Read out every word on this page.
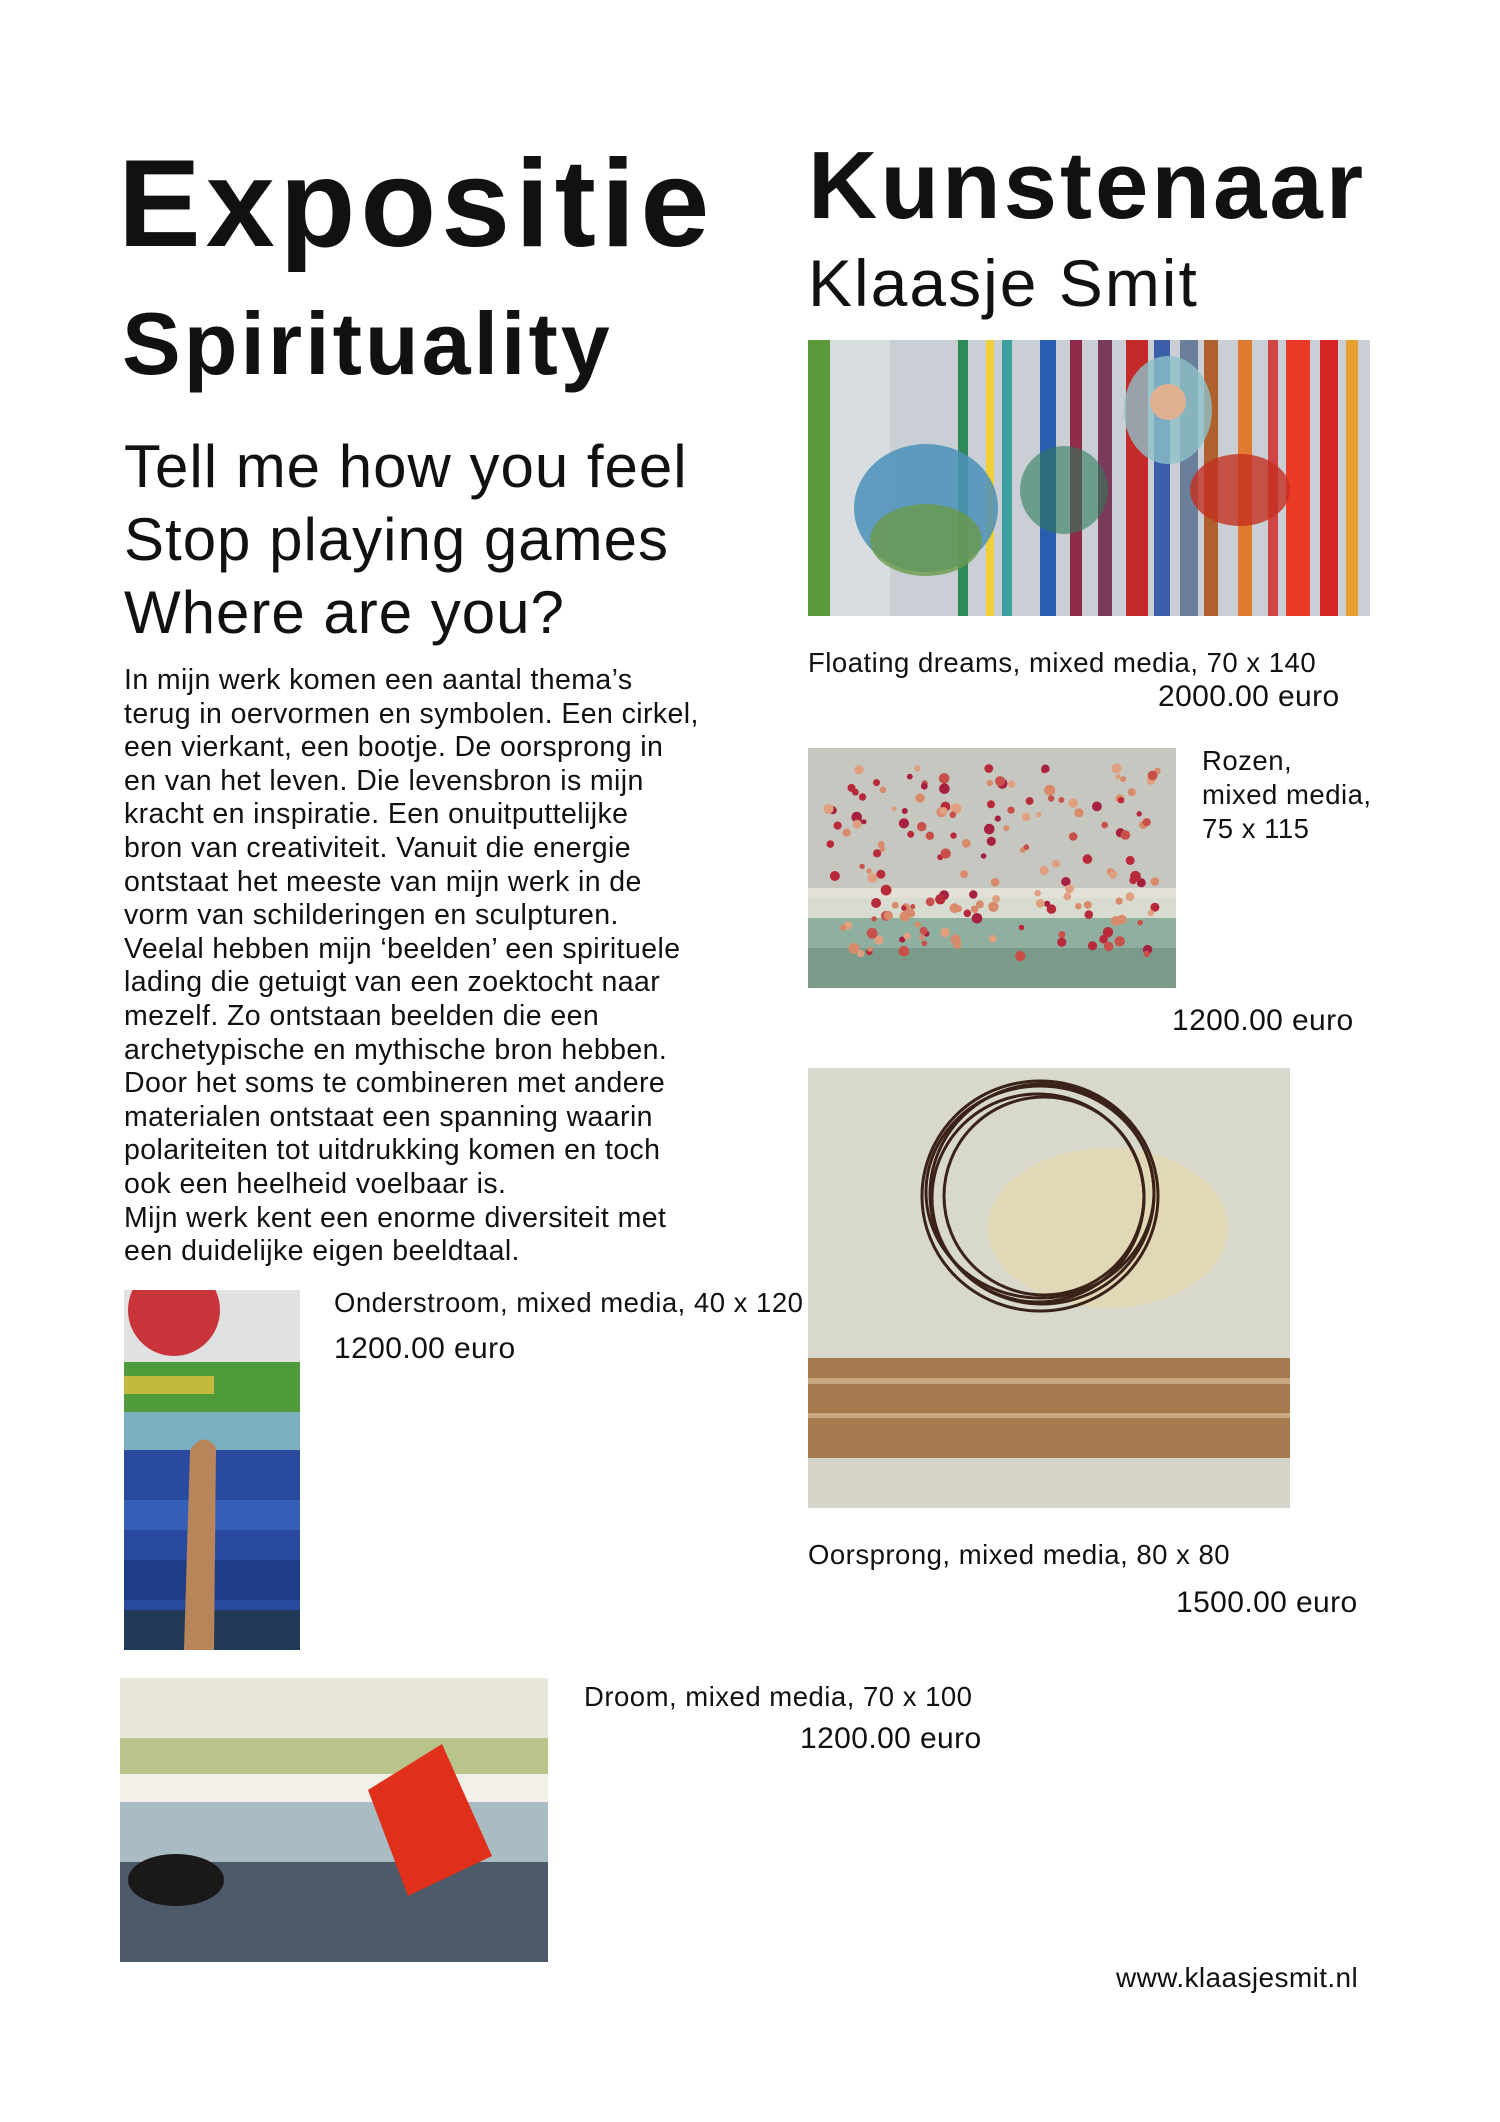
Expositie
Spirituality
Kunstenaar
Klaasje Smit
Tell me how you feel
Stop playing games
Where are you?
In mijn werk komen een aantal thema’s
terug in oervormen en symbolen. Een cirkel,
een vierkant, een bootje. De oorsprong in
en van het leven. Die levensbron is mijn
kracht en inspiratie. Een onuitputtelijke
bron van creativiteit. Vanuit die energie
ontstaat het meeste van mijn werk in de
vorm van schilderingen en sculpturen.
Veelal hebben mijn ‘beelden’ een spirituele
lading die getuigt van een zoektocht naar
mezelf. Zo ontstaan beelden die een
archetypische en mythische bron hebben.
Door het soms te combineren met andere
materialen ontstaat een spanning waarin
polariteiten tot uitdrukking komen en toch
ook een heelheid voelbaar is.
Mijn werk kent een enorme diversiteit met
een duidelijke eigen beeldtaal.
Floating dreams, mixed media, 70 x 140
2000.00 euro
Rozen,
mixed media,
75 x 115
1200.00 euro
Oorsprong, mixed media, 80 x 80
1500.00 euro
Onderstroom, mixed media, 40 x 120
1200.00 euro
Droom, mixed media, 70 x 100
1200.00 euro
www.klaasjesmit.nl
